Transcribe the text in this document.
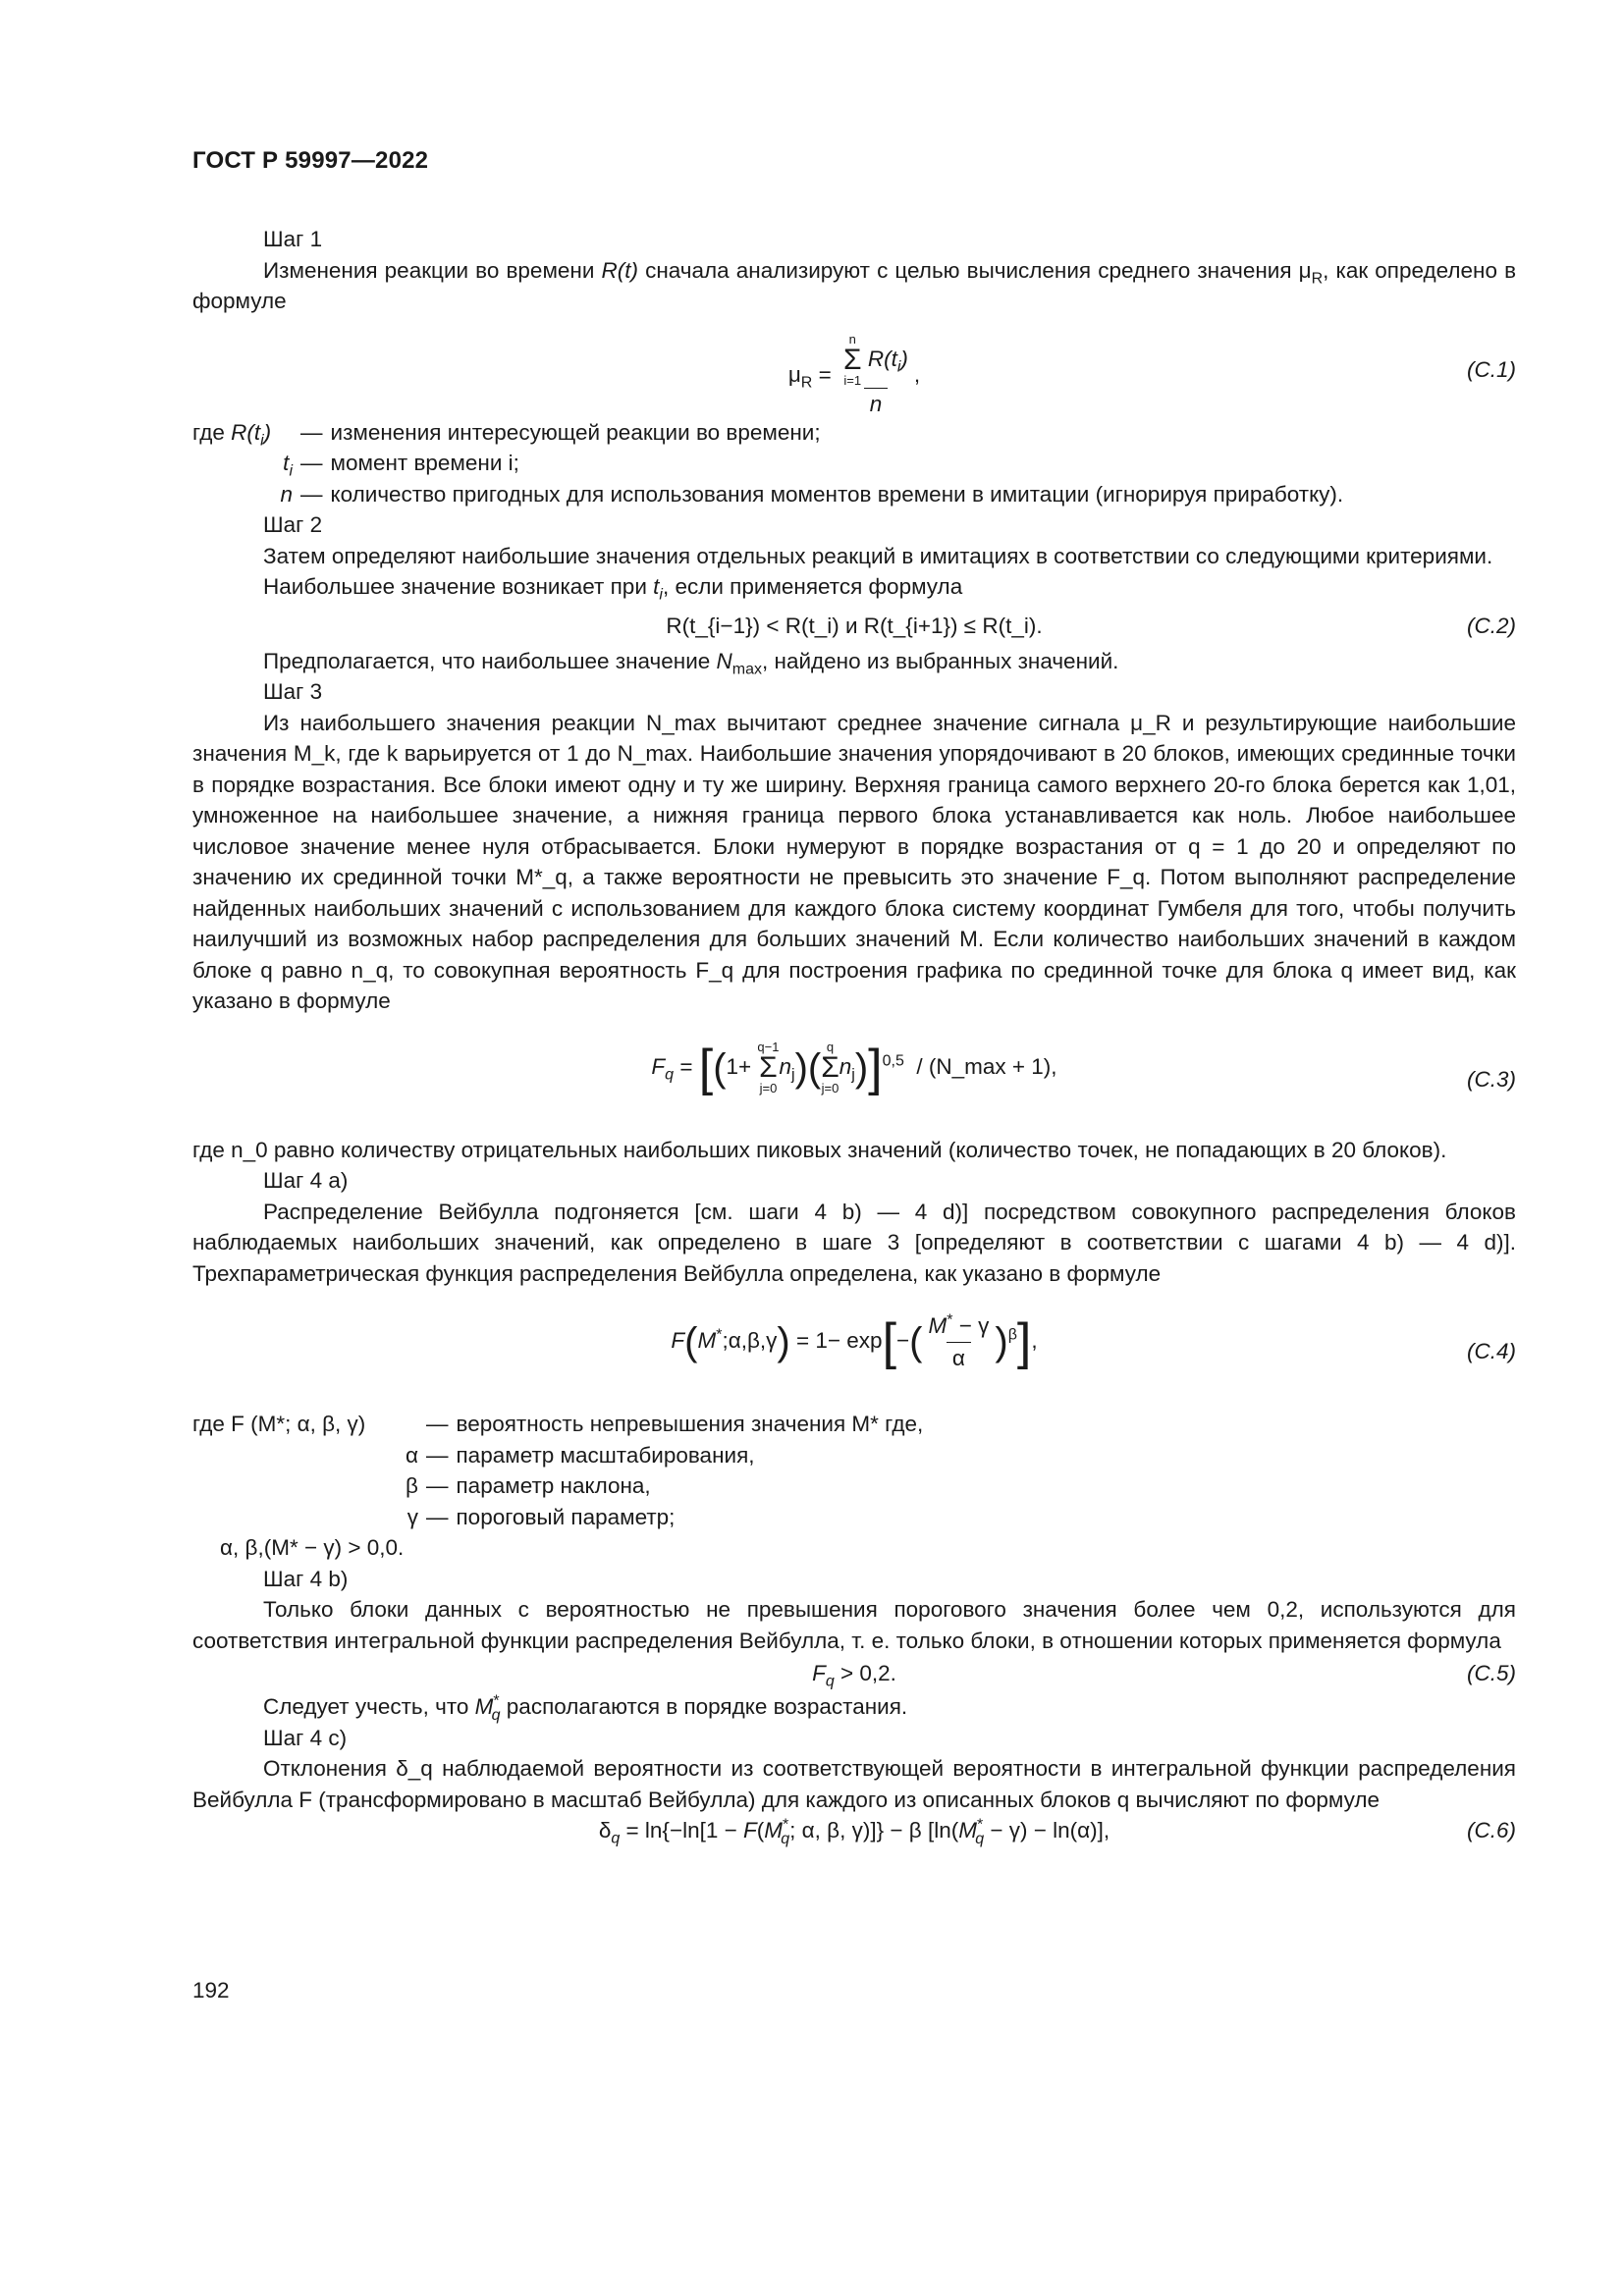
ГОСТ Р 59997—2022

Шаг 1

Изменения реакции во времени R(t) сначала анализируют с целью вычисления среднего значения $\mu_R$, как определено в формуле

$\mu_R = n$
Σ
i=1
$R(t_i)$
n ,	(С.1)
где $R(t_i)$	— изменения интересующей реакции во времени;
$t_i$ — момент времени i;
n — количество пригодных для использования моментов времени в имитации (игнорируя приработку).

Шаг 2

Затем определяют наибольшие значения отдельных реакций в имитациях в соответствии со следующими критериями.

Наибольшее значение возникает при $t_i$, если применяется формула

R(t_{i−1}) < R(t_i) и R(t_{i+1}) ≤ R(t_i).	(С.2)

Предполагается, что наибольшее значение $N_{max}$, найдено из выбранных значений.

Шаг 3

Из наибольшего значения реакции N_max вычитают среднее значение сигнала μ_R и результирующие наибольшие значения M_k, где k варьируется от 1 до N_max. Наибольшие значения упорядочивают в 20 блоков, имеющих срединные точки в порядке возрастания. Все блоки имеют одну и ту же ширину. Верхняя граница самого верхнего 20-го блока берется как 1,01, умноженное на наибольшее значение, а нижняя граница первого блока устанавливается как ноль. Любое наибольшее числовое значение менее нуля отбрасывается. Блоки нумеруют в порядке возрастания от q = 1 до 20 и определяют по значению их срединной точки M*_q, а также вероятности не превысить это значение F_q. Потом выполняют распределение найденных наибольших значений с использованием для каждого блока систему координат Гумбеля для того, чтобы получить наилучший из возможных набор распределения для больших значений M. Если количество наибольших значений в каждом блоке q равно n_q, то совокупная вероятность F_q для построения графика по срединной точке для блока q имеет вид, как указано в формуле

$F_q = [(1+$
q−1
Σ
j=0
$n_j$)( q
Σ
j=0
$n_j)]^{0,5}$ / (N_max + 1),
(С.3)

где n_0 равно количеству отрицательных наибольших пиковых значений (количество точек, не попадающих в 20 блоков).

Шаг 4 а)

Распределение Вейбулла подгоняется [см. шаги 4 b) — 4 d)] посредством совокупного распределения блоков наблюдаемых наибольших значений, как определено в шаге 3 [определяют в соответствии с шагами 4 b) — 4 d)]. Трехпараметрическая функция распределения Вейбулла определена, как указано в формуле

F(M*;α,β,γ) = $1- \exp[-( \frac{M^* - \gamma}{\alpha} )^\beta]$,	(С.4)
где F (M*; α, β, γ)	— вероятность непревышения значения M* где,
α — параметр масштабирования,
β — параметр наклона,
γ — пороговый параметр;

α, β,(M* − γ) > 0,0.

Шаг 4 b)

Только блоки данных с вероятностью не превышения порогового значения более чем 0,2, используются для соответствия интегральной функции распределения Вейбулла, т. е. только блоки, в отношении которых применяется формула

$F_q > 0,2$.	(С.5)

Следует учесть, что $M^*_q$ располагаются в порядке возрастания.

Шаг 4 с)

Отклонения δ_q наблюдаемой вероятности из соответствующей вероятности в интегральной функции распределения Вейбулла F (трансформировано в масштаб Вейбулла) для каждого из описанных блоков q вычисляют по формуле

$\delta_q = \ln\{-\ln[1 - F(M^*_q$; α, β, γ)]} − β $[\ln(M^*_q - \gamma) - \ln(\alpha)]$,	(С.6)
192
